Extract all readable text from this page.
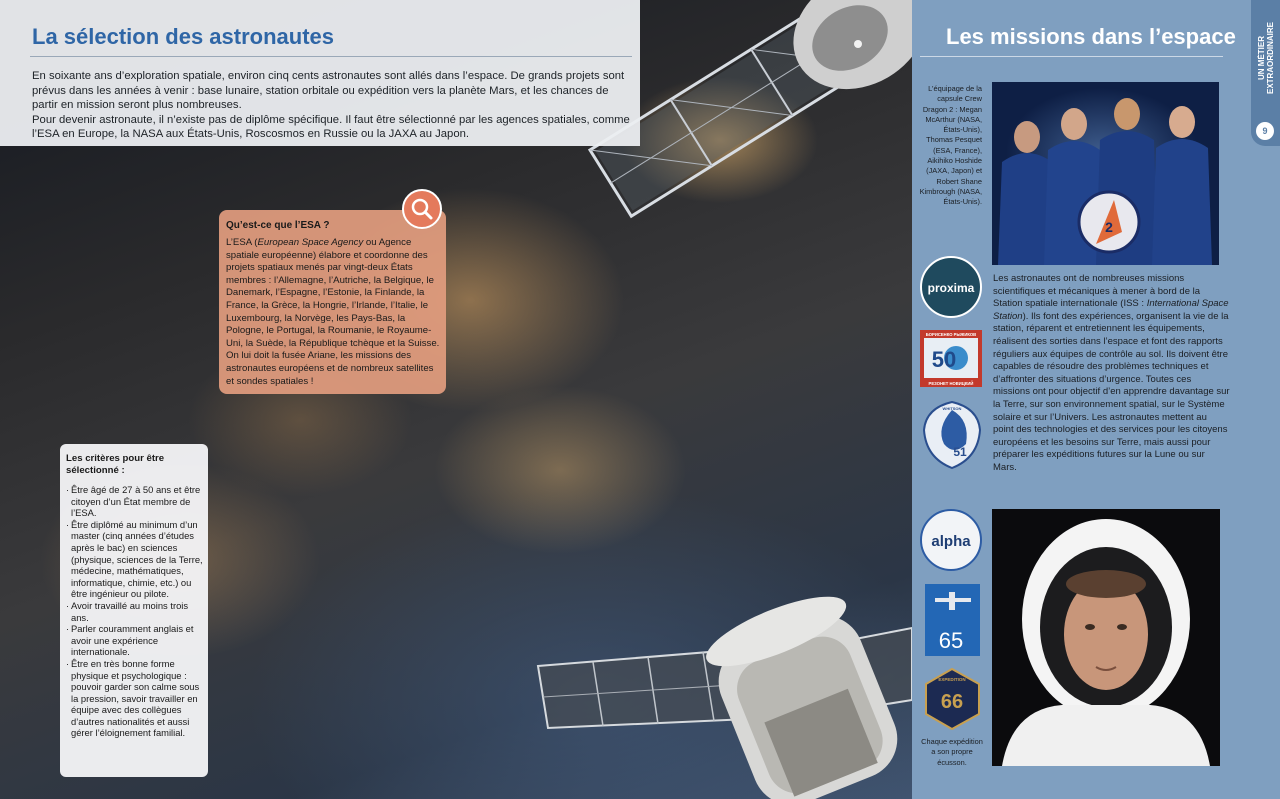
La sélection des astronautes
En soixante ans d’exploration spatiale, environ cinq cents astronautes sont allés dans l’espace. De grands projets sont prévus dans les années à venir : base lunaire, station orbitale ou expédition vers la planète Mars, et les chances de partir en mission seront plus nombreuses.
Pour devenir astronaute, il n’existe pas de diplôme spécifique. Il faut être sélectionné par les agences spatiales, comme l’ESA en Europe, la NASA aux États-Unis, Roscosmos en Russie ou la JAXA au Japon.

Qu’est-ce que l’ESA ?

L’ESA (European Space Agency ou Agence spatiale européenne) élabore et coordonne des projets spatiaux menés par vingt-deux États membres : l’Allemagne, l’Autriche, la Belgique, le Danemark, l’Espagne, l’Estonie, la Finlande, la France, la Grèce, la Hongrie, l’Irlande, l’Italie, le Luxembourg, la Norvège, les Pays-Bas, la Pologne, le Portugal, la Roumanie, le Royaume-Uni, la Suède, la République tchèque et la Suisse. On lui doit la fusée Ariane, les missions des astronautes européens et de nombreux satellites et sondes spatiales !

Les critères pour être sélectionné :

· Être âgé de 27 à 50 ans et être citoyen d’un État membre de l’ESA.
· Être diplômé au minimum d’un master (cinq années d’études après le bac) en sciences (physique, sciences de la Terre, médecine, mathématiques, informatique, chimie, etc.) ou être ingénieur ou pilote.
· Avoir travaillé au moins trois ans.
· Parler couramment anglais et avoir une expérience internationale.
· Être en très bonne forme physique et psychologique : pouvoir garder son calme sous la pression, savoir travailler en équipe avec des collègues d’autres nationalités et aussi gérer l’éloignement familial.
Les missions dans l’espace	UN MÉTIER EXTRAORDINAIRE
9

L’équipage de la capsule Crew Dragon 2 : Megan McArthur (NASA, États-Unis), Thomas Pesquet (ESA, France), Aikihiko Hoshide (JAXA, Japon) et Robert Shane Kimbrough (NASA, États-Unis).

2
proxima
БОРИСЕНКО РЫЖИКОВ
50
РЕЗОНЕТ НОВИЦКИЙ
WHITSON
51

Les astronautes ont de nombreuses missions scientifiques et mécaniques à mener à bord de la Station spatiale internationale (ISS : International Space Station). Ils font des expériences, organisent la vie de la station, réparent et entretiennent les équipements, réalisent des sorties dans l’espace et font des rapports réguliers aux équipes de contrôle au sol. Ils doivent être capables de résoudre des problèmes techniques et d’affronter des situations d’urgence. Toutes ces missions ont pour objectif d’en apprendre davantage sur la Terre, sur son environnement spatial, sur le Système solaire et sur l’Univers. Les astronautes mettent au point des technologies et des services pour les citoyens européens et les besoins sur Terre, mais aussi pour préparer les expéditions futures sur la Lune ou sur Mars.

alpha
65
EXPEDITION
66

Chaque expédition a son propre écusson.
